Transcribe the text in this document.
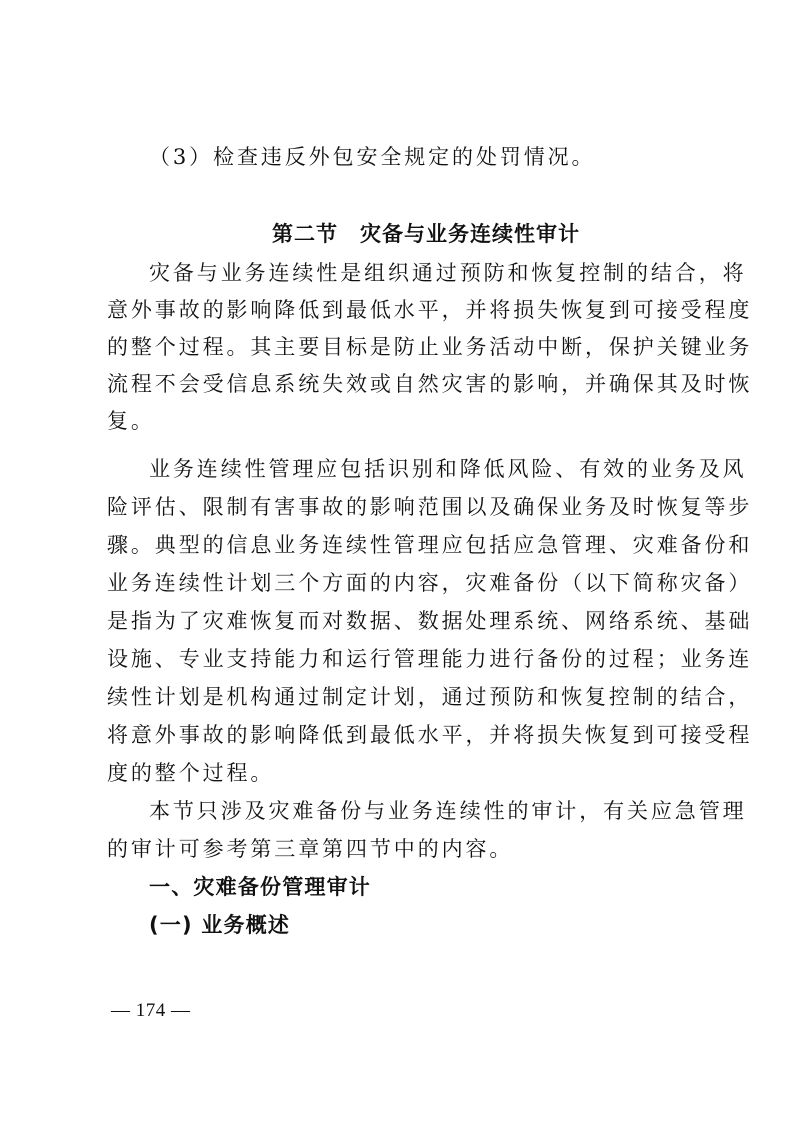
（3）检查违反外包安全规定的处罚情况。
第二节 灾备与业务连续性审计
灾备与业务连续性是组织通过预防和恢复控制的结合，将
意外事故的影响降低到最低水平，并将损失恢复到可接受程度
的整个过程。其主要目标是防止业务活动中断，保护关键业务
流程不会受信息系统失效或自然灾害的影响，并确保其及时恢
复。
业务连续性管理应包括识别和降低风险、有效的业务及风
险评估、限制有害事故的影响范围以及确保业务及时恢复等步
骤。典型的信息业务连续性管理应包括应急管理、灾难备份和
业务连续性计划三个方面的内容，灾难备份（以下简称灾备）
是指为了灾难恢复而对数据、数据处理系统、网络系统、基础
设施、专业支持能力和运行管理能力进行备份的过程；业务连
续性计划是机构通过制定计划，通过预防和恢复控制的结合，
将意外事故的影响降低到最低水平，并将损失恢复到可接受程
度的整个过程。
本节只涉及灾难备份与业务连续性的审计，有关应急管理
的审计可参考第三章第四节中的内容。
一、灾难备份管理审计
(一) 业务概述
— 174 —
